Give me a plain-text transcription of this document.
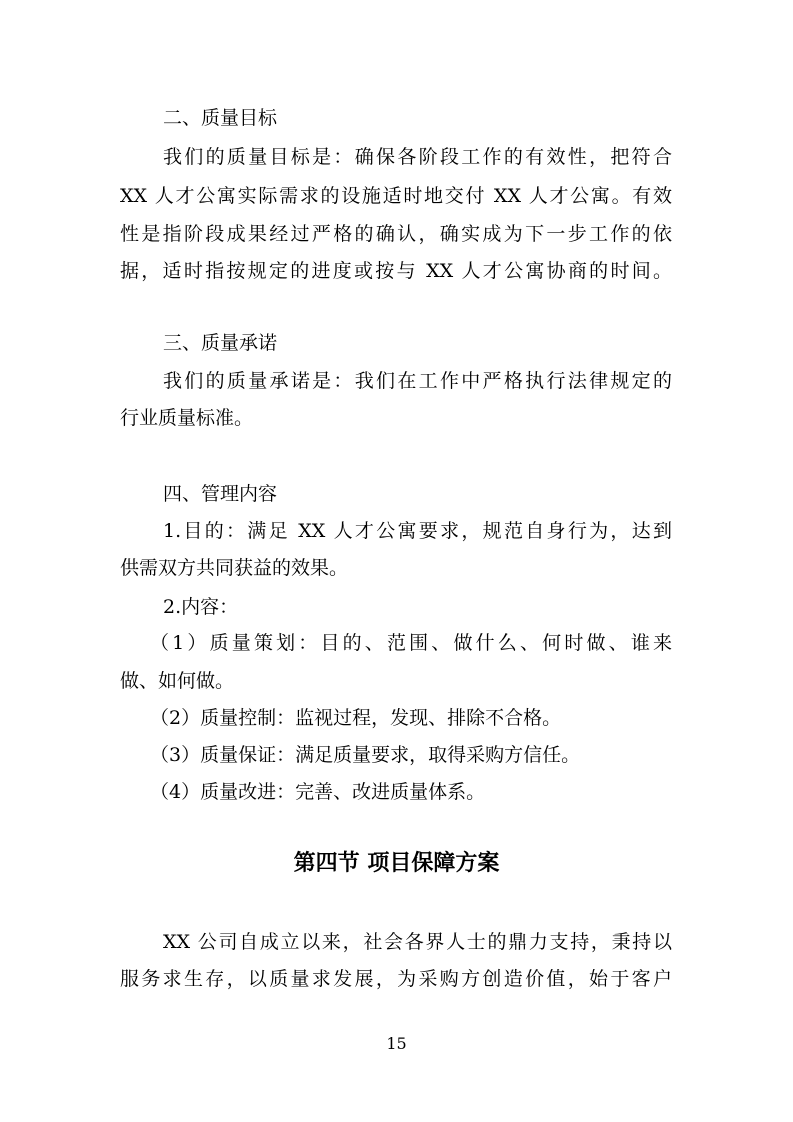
二、质量目标
我们的质量目标是：确保各阶段工作的有效性，把符合
XX 人才公寓实际需求的设施适时地交付 XX 人才公寓。有效
性是指阶段成果经过严格的确认，确实成为下一步工作的依
据，适时指按规定的进度或按与 XX 人才公寓协商的时间。
三、质量承诺
我们的质量承诺是：我们在工作中严格执行法律规定的
行业质量标准。
四、管理内容
1.目的：满足 XX 人才公寓要求，规范自身行为，达到
供需双方共同获益的效果。
2.内容：
（1）质量策划：目的、范围、做什么、何时做、谁来
做、如何做。
（2）质量控制：监视过程，发现、排除不合格。
（3）质量保证：满足质量要求，取得采购方信任。
（4）质量改进：完善、改进质量体系。
第四节 项目保障方案
XX 公司自成立以来，社会各界人士的鼎力支持，秉持以
服务求生存，以质量求发展，为采购方创造价值，始于客户
15
